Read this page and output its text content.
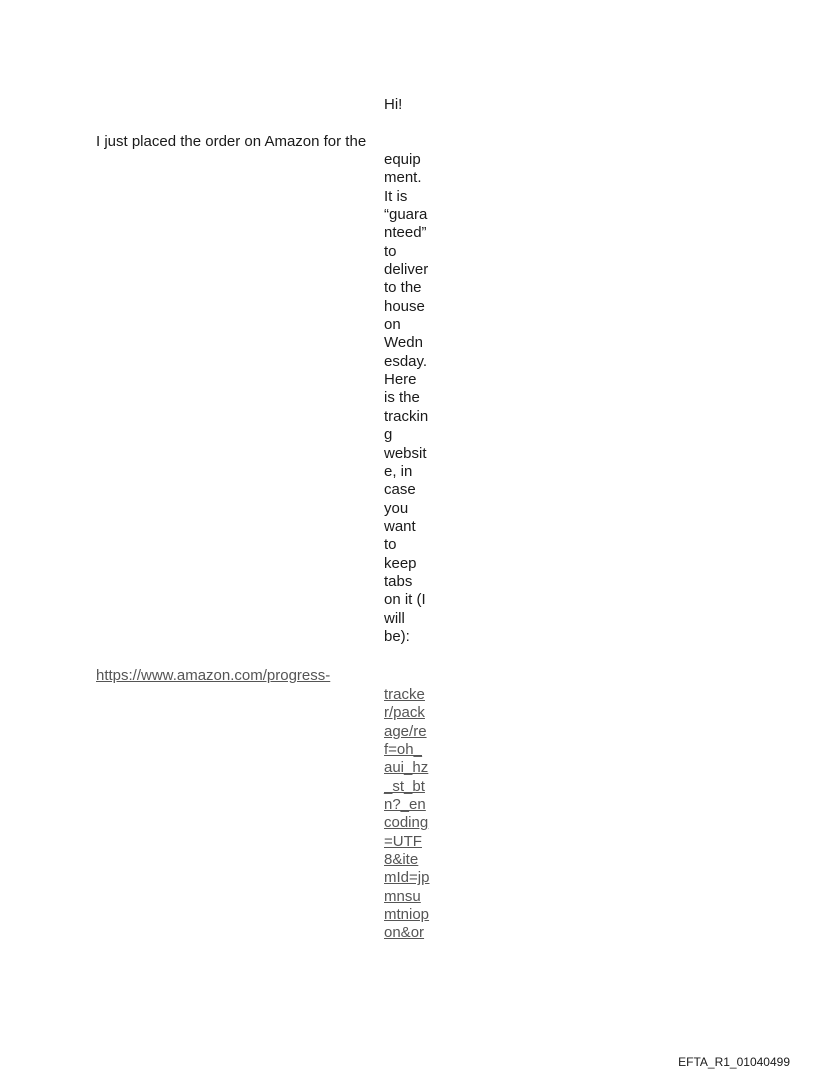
Hi!

I just placed the order on Amazon for the

equip
ment.
It is
“guara
nteed”
to
deliver
to the
house
on
Wedn
esday.
Here
is the
trackin
g
websit
e, in
case
you
want
to
keep
tabs
on it (I
will
be):
https://www.amazon.com/progress-
tracke
r/pack
age/re
f=oh_
aui_hz
_st_bt
n?_en
coding
=UTF
8&ite
mId=jp
mnsu
mtniop
on&or

EFTA_R1_01040499
